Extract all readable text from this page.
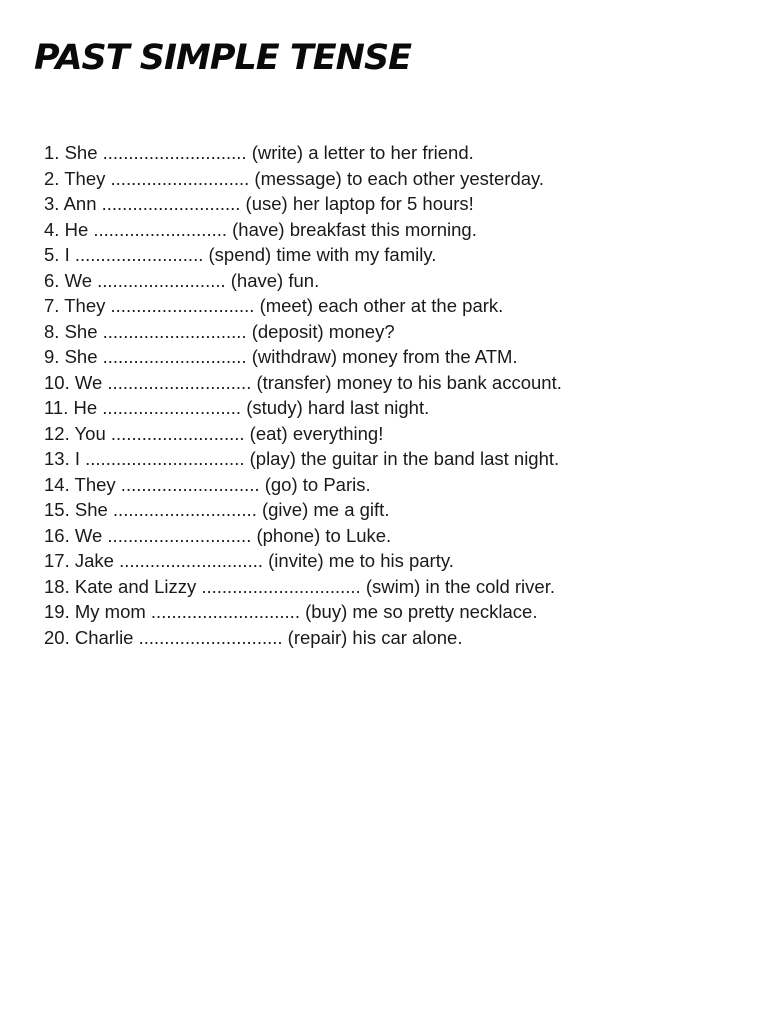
PAST SIMPLE TENSE
1. She ............................ (write) a letter to her friend.
2. They ........................... (message) to each other yesterday.
3. Ann ........................... (use) her laptop for 5 hours!
4. He .......................... (have) breakfast this morning.
5. I ......................... (spend) time with my family.
6. We ......................... (have) fun.
7. They ............................ (meet) each other at the park.
8. She ............................ (deposit) money?
9. She ............................ (withdraw) money from the ATM.
10. We ............................ (transfer) money to his bank account.
11. He ........................... (study) hard last night.
12. You .......................... (eat) everything!
13. I ............................... (play) the guitar in the band last night.
14. They ........................... (go) to Paris.
15. She ............................ (give) me a gift.
16. We ............................ (phone) to Luke.
17. Jake ............................ (invite) me to his party.
18. Kate and Lizzy ............................... (swim) in the cold river.
19. My mom ............................. (buy) me so pretty necklace.
20. Charlie ............................ (repair) his car alone.
